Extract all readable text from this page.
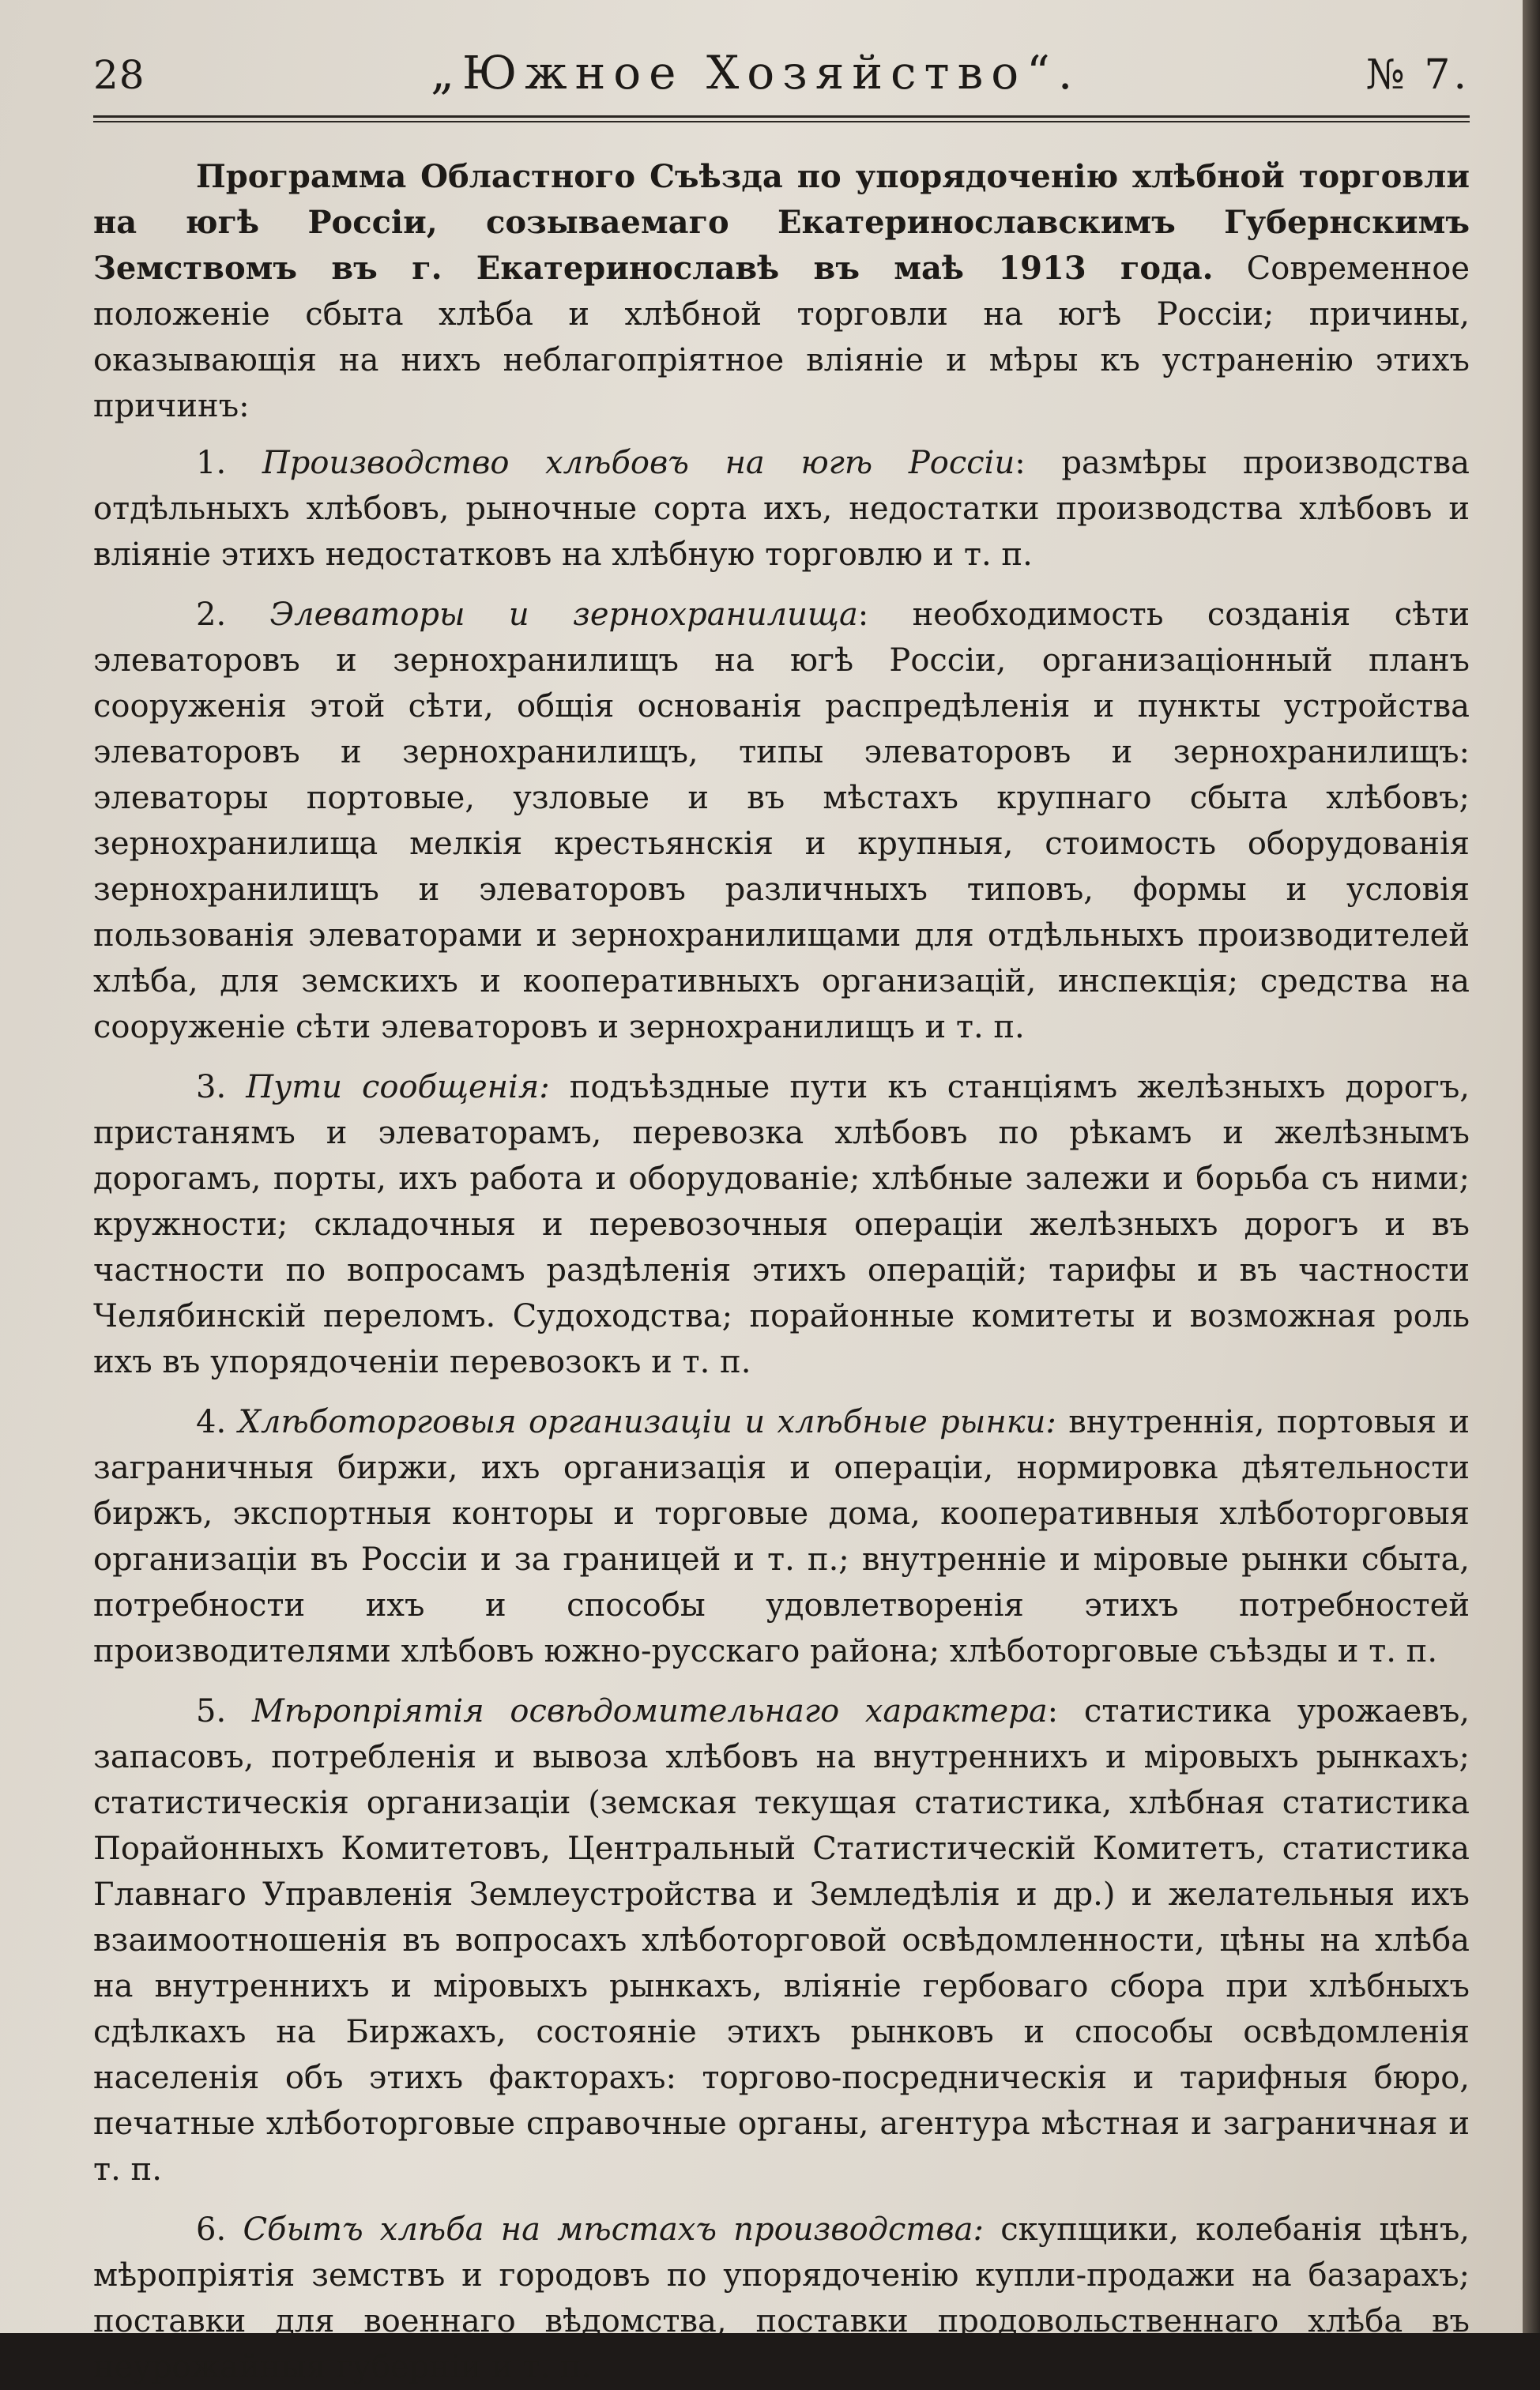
28	„Южное Хозяйство“.	№ 7.

Программа Областного Съѣзда по упорядоченію хлѣбной торговли на югѣ Россіи, созываемаго Екатеринославскимъ Губернскимъ Земствомъ въ г. Екатеринославѣ въ маѣ 1913 года. Современное положеніе сбыта хлѣба и хлѣбной торговли на югѣ Россіи; причины, оказывающія на нихъ неблагопріятное вліяніе и мѣры къ устраненію этихъ причинъ:

1. Производство хлѣбовъ на югѣ Россіи: размѣры производства отдѣльныхъ хлѣбовъ, рыночные сорта ихъ, недостатки производства хлѣбовъ и вліяніе этихъ недостатковъ на хлѣбную торговлю и т. п.

2. Элеваторы и зернохранилища: необходимость созданія сѣти элеваторовъ и зернохранилищъ на югѣ Россіи, организаціонный планъ сооруженія этой сѣти, общія основанія распредѣленія и пункты устройства элеваторовъ и зернохранилищъ, типы элеваторовъ и зернохранилищъ: элеваторы портовые, узловые и въ мѣстахъ крупнаго сбыта хлѣбовъ; зернохранилища мелкія крестьянскія и крупныя, стоимость оборудованія зернохранилищъ и элеваторовъ различныхъ типовъ, формы и условія пользованія элеваторами и зернохранилищами для отдѣльныхъ производителей хлѣба, для земскихъ и кооперативныхъ организацій, инспекція; средства на сооруженіе сѣти элеваторовъ и зернохранилищъ и т. п.

3. Пути сообщенія: подъѣздные пути къ станціямъ желѣзныхъ дорогъ, пристанямъ и элеваторамъ, перевозка хлѣбовъ по рѣкамъ и желѣзнымъ дорогамъ, порты, ихъ работа и оборудованіе; хлѣбные залежи и борьба съ ними; кружности; складочныя и перевозочныя операціи желѣзныхъ дорогъ и въ частности по вопросамъ раздѣленія этихъ операцій; тарифы и въ частности Челябинскій переломъ. Судоходства; порайонные комитеты и возможная роль ихъ въ упорядоченіи перевозокъ и т. п.

4. Хлѣботорговыя организаціи и хлѣбные рынки: внутреннія, портовыя и заграничныя биржи, ихъ организація и операціи, нормировка дѣятельности биржъ, экспортныя конторы и торговые дома, кооперативныя хлѣботорговыя организаціи въ Россіи и за границей и т. п.; внутренніе и міровые рынки сбыта, потребности ихъ и способы удовлетворенія этихъ потребностей производителями хлѣбовъ южно-русскаго района; хлѣботорговые съѣзды и т. п.

5. Мѣропріятія освѣдомительнаго характера: статистика урожаевъ, запасовъ, потребленія и вывоза хлѣбовъ на внутреннихъ и міровыхъ рынкахъ; статистическія организаціи (земская текущая статистика, хлѣбная статистика Порайонныхъ Комитетовъ, Центральный Статистическій Комитетъ, статистика Главнаго Управленія Землеустройства и Земледѣлія и др.) и желательныя ихъ взаимоотношенія въ вопросахъ хлѣботорговой освѣдомленности, цѣны на хлѣба на внутреннихъ и міровыхъ рынкахъ, вліяніе гербоваго сбора при хлѣбныхъ сдѣлкахъ на Биржахъ, состояніе этихъ рынковъ и способы освѣдомленія населенія объ этихъ факторахъ: торгово-посредническія и тарифныя бюро, печатные хлѣботорговые справочные органы, агентура мѣстная и заграничная и т. п.

6. Сбытъ хлѣба на мѣстахъ производства: скупщики, колебанія цѣнъ, мѣропріятія земствъ и городовъ по упорядоченію купли-продажи на базарахъ; поставки для военнаго вѣдомства, поставки продовольственнаго хлѣба въ неурожайныя губерніи и т. п.
